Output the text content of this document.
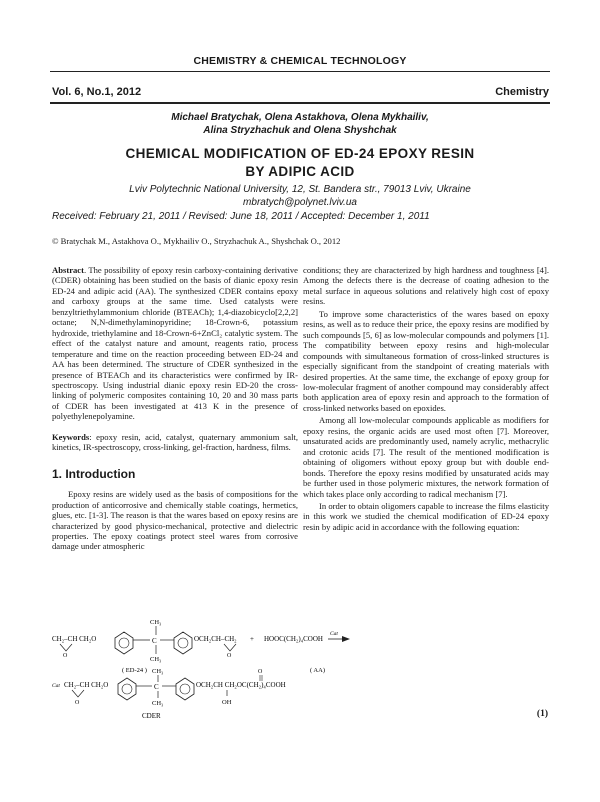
CHEMISTRY & CHEMICAL TECHNOLOGY
Vol. 6, No.1, 2012	Chemistry
Michael Bratychak, Olena Astakhova, Olena Mykhailiv,
Alina Stryzhachuk and Olena Shyshchak
CHEMICAL MODIFICATION OF ED-24 EPOXY RESIN
BY ADIPIC ACID
Lviv Polytechnic National University, 12, St. Bandera str., 79013 Lviv, Ukraine
mbratych@polynet.lviv.ua
Received: February 21, 2011 / Revised: June 18, 2011 / Accepted: December 1, 2011
© Bratychak M., Astakhova O., Mykhailiv O., Stryzhachuk A., Shyshchak O., 2012

Abstract. The possibility of epoxy resin carboxy-containing derivative (CDER) obtaining has been studied on the basis of dianic epoxy resin ED-24 and adipic acid (AA). The synthesized CDER contains epoxy and carboxy groups at the same time. Used catalysts were benzyltriethylammonium chloride (BTEACh); 1,4-diazobicyclo[2,2,2] octane; N,N-dimethylaminopyridine; 18-Crown-6, potassium hydroxide, triethylamine and 18-Crown-6+ZnCl₂ catalytic system. The effect of the catalyst nature and amount, reagents ratio, process temperature and time on the reaction proceeding between ED-24 and AA has been determined. The structure of CDER synthesized in the presence of BTEACh and its characteristics were confirmed by IR-spectroscopy. Using industrial dianic epoxy resin ED-20 the cross-linking of polymeric composites containing 10, 20 and 30 mass parts of CDER has been investigated at 413 K in the presence of polyethylenepolyamine.

Keywords: epoxy resin, acid, catalyst, quaternary ammonium salt, kinetics, IR-spectroscopy, cross-linking, gel-fraction, hardness, films.

1. Introduction

Epoxy resins are widely used as the basis of compositions for the production of anticorrosive and chemically stable coatings, hermetics, glues, etc. [1-3]. The reason is that the wares based on epoxy resins are characterized by good physico-mechanical, protective and dielectric properties. The epoxy coatings protect steel wares from corrosive damage under atmospheric

conditions; they are characterized by high hardness and toughness [4]. Among the defects there is the decrease of coating adhesion to the metal surface in aqueous solutions and relatively high cost of epoxy resins.

To improve some characteristics of the wares based on epoxy resins, as well as to reduce their price, the epoxy resins are modified by such compounds [5, 6] as low-molecular compounds and polymers [1]. The compatibility between epoxy resins and high-molecular compounds with simultaneous formation of cross-linked structures is especially significant from the standpoint of creating materials with desired properties. At the same time, the exchange of epoxy group for low-molecular fragment of another compound may considerably affect both application area of epoxy resin and approach to the formation of cross-linked networks based on epoxides.

Among all low-molecular compounds applicable as modifiers for epoxy resins, the organic acids are used most often [7]. Moreover, unsaturated acids are predominantly used, namely acrylic, methacrylic and crotonic acids [7]. The result of the mentioned modification is obtaining of oligomers without epoxy group but with double end-bonds. Therefore the epoxy resins modified by unsaturated acids may be further used in those polymeric mixtures, the network formation of which takes place only according to radical mechanism [7].

In order to obtain oligomers capable to increase the films elasticity in this work we studied the chemical modification of ED-24 epoxy resin by adipic acid in accordance with the following equation:

CH₃
CH₂–CH CH₂O
O
C
CH₃
OCH₂CH–CH₂
O
+ HOOC(CH₂)₄COOH
Cat
( ED-24 )	( AA)
CH₃
Cat CH₂–CH CH₂O
O
C
CH₃
OCH₂CH CH₂OC(CH₂)₄COOH
O
OH
CDER	(1)
